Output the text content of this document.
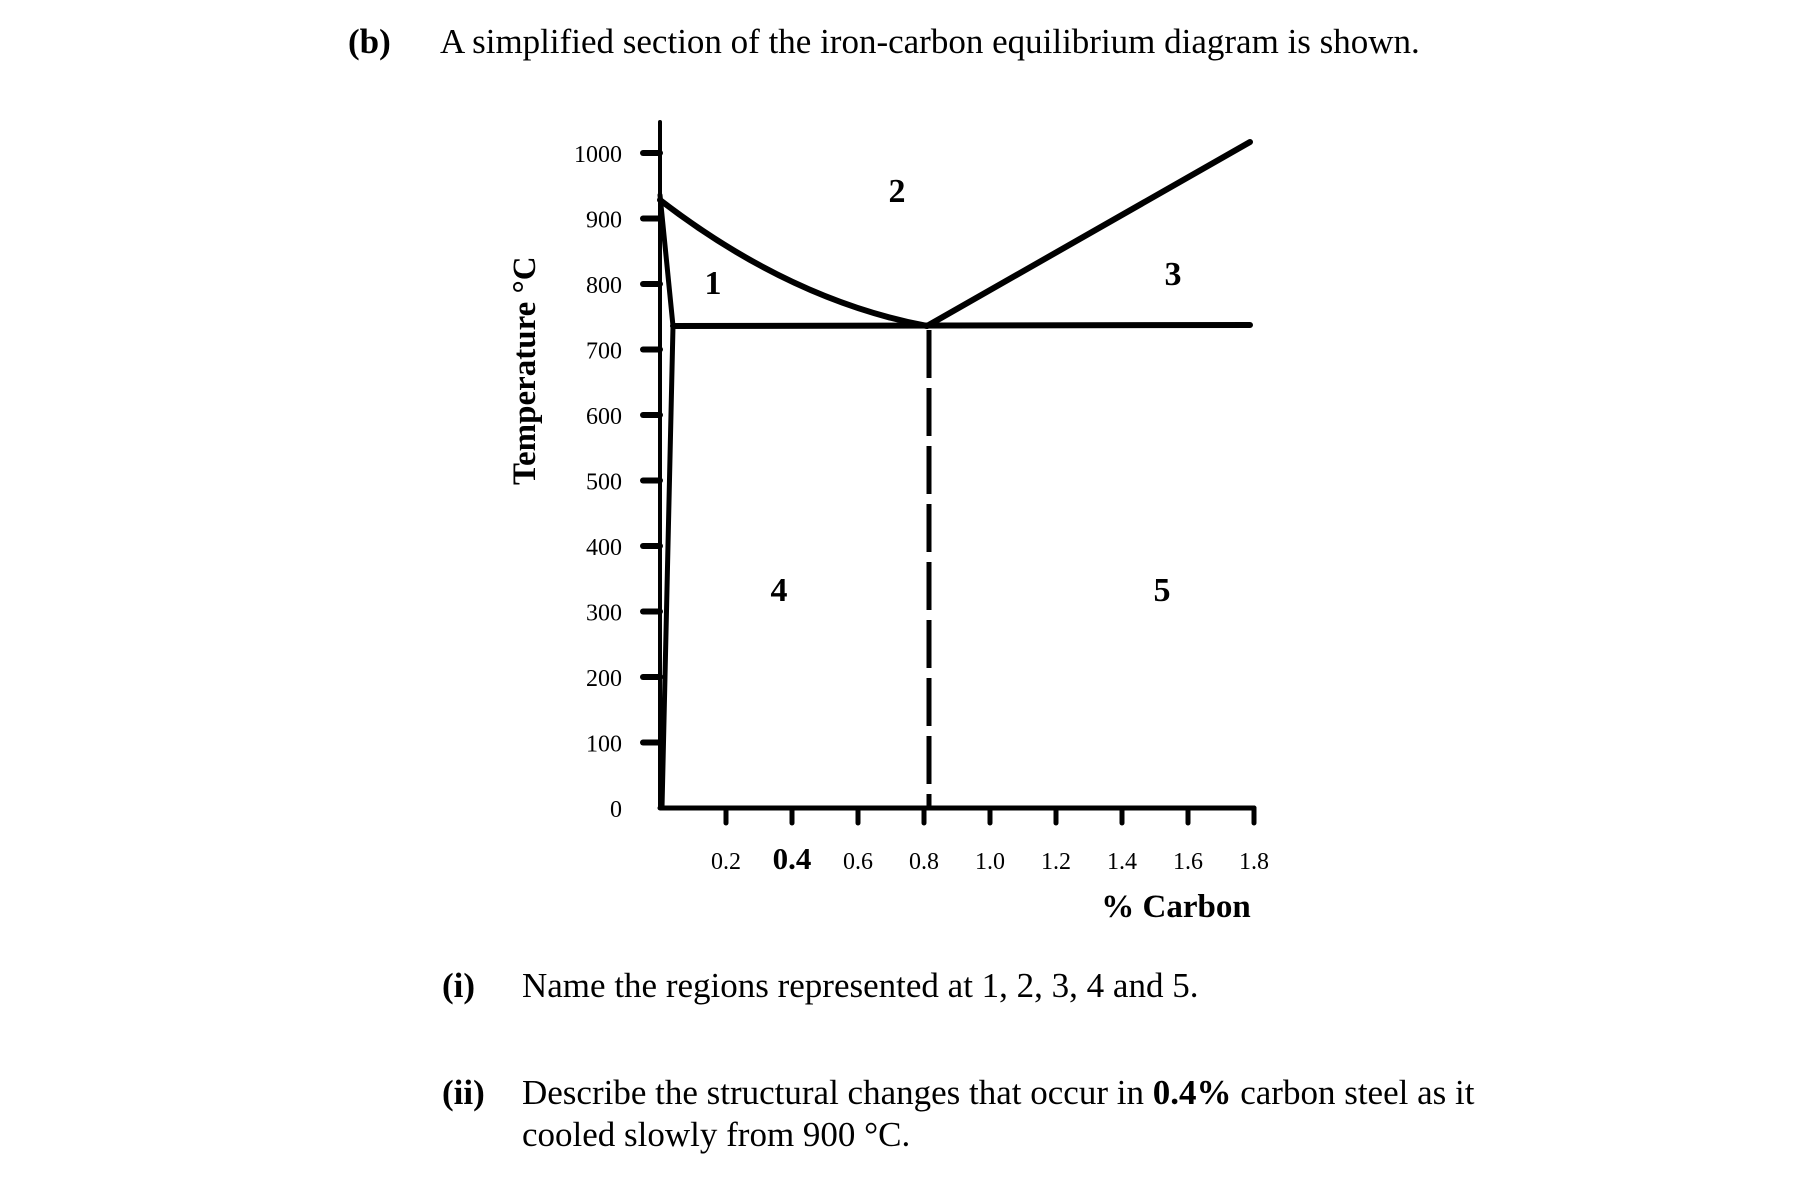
(b) A simplified section of the iron-carbon equilibrium diagram is shown.
0
100
200
300
400
500
600
700
800
900
1000
0.2 0.4 0.6 0.8 1.0 1.2 1.4 1.6 1.8
1
2
3
4	5
Temperature °C
% Carbon
(i) Name the regions represented at 1, 2, 3, 4 and 5.
(ii) Describe the structural changes that occur in 0.4% carbon steel as it
cooled slowly from 900 °C.
